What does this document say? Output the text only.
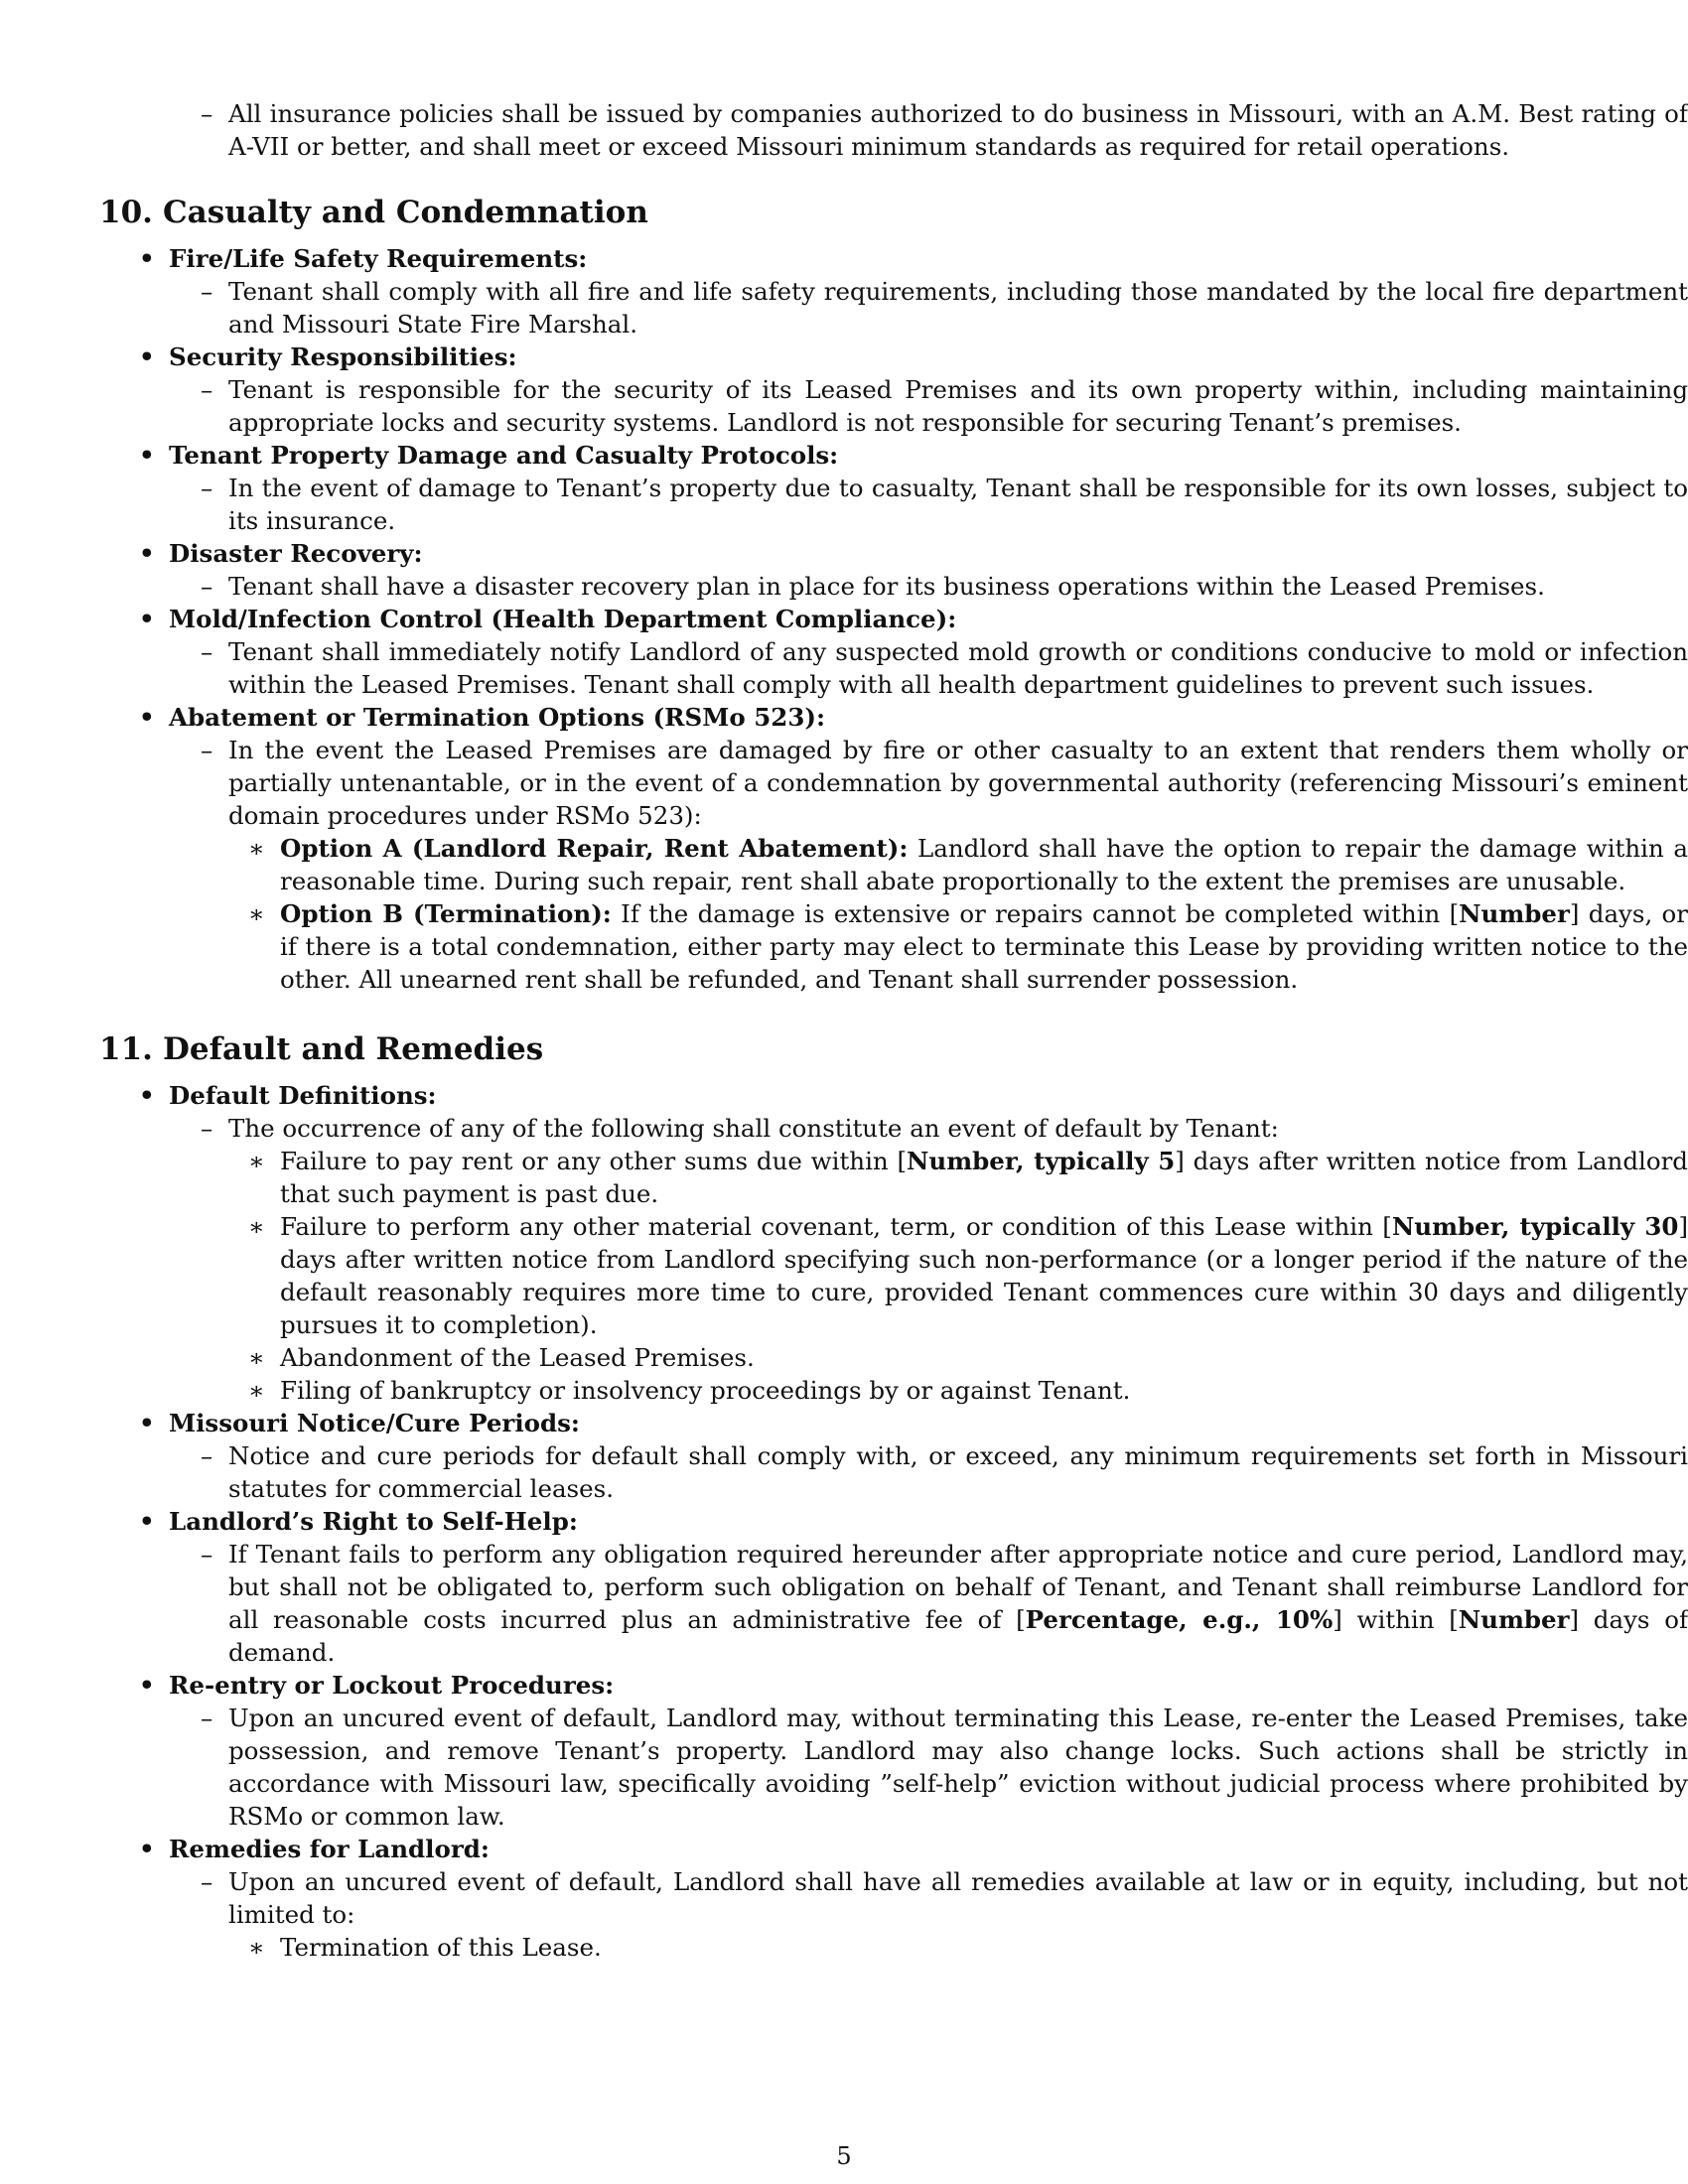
– All insurance policies shall be issued by companies authorized to do business in Missouri, with an A.M. Best rating of A-VII or better, and shall meet or exceed Missouri minimum standards as required for retail operations.
10. Casualty and Condemnation
• Fire/Life Safety Requirements:
– Tenant shall comply with all fire and life safety requirements, including those mandated by the local fire department and Missouri State Fire Marshal.
• Security Responsibilities:
– Tenant is responsible for the security of its Leased Premises and its own property within, including maintaining appropriate locks and security systems. Landlord is not responsible for securing Tenant’s premises.
• Tenant Property Damage and Casualty Protocols:
– In the event of damage to Tenant’s property due to casualty, Tenant shall be responsible for its own losses, subject to its insurance.
• Disaster Recovery:
– Tenant shall have a disaster recovery plan in place for its business operations within the Leased Premises.
• Mold/Infection Control (Health Department Compliance):
– Tenant shall immediately notify Landlord of any suspected mold growth or conditions conducive to mold or infection within the Leased Premises. Tenant shall comply with all health department guidelines to prevent such issues.
• Abatement or Termination Options (RSMo 523):
– In the event the Leased Premises are damaged by fire or other casualty to an extent that renders them wholly or partially untenantable, or in the event of a condemnation by governmental authority (referencing Missouri’s eminent domain procedures under RSMo 523):
∗ Option A (Landlord Repair, Rent Abatement): Landlord shall have the option to repair the damage within a reasonable time. During such repair, rent shall abate proportionally to the extent the premises are unusable.
∗ Option B (Termination): If the damage is extensive or repairs cannot be completed within [Number] days, or if there is a total condemnation, either party may elect to terminate this Lease by providing written notice to the other. All unearned rent shall be refunded, and Tenant shall surrender possession.
11. Default and Remedies
• Default Definitions:
– The occurrence of any of the following shall constitute an event of default by Tenant:
∗ Failure to pay rent or any other sums due within [Number, typically 5] days after written notice from Landlord that such payment is past due.
∗ Failure to perform any other material covenant, term, or condition of this Lease within [Number, typically 30] days after written notice from Landlord specifying such non-performance (or a longer period if the nature of the default reasonably requires more time to cure, provided Tenant commences cure within 30 days and diligently pursues it to completion).
∗ Abandonment of the Leased Premises.
∗ Filing of bankruptcy or insolvency proceedings by or against Tenant.
• Missouri Notice/Cure Periods:
– Notice and cure periods for default shall comply with, or exceed, any minimum requirements set forth in Missouri statutes for commercial leases.
• Landlord’s Right to Self-Help:
– If Tenant fails to perform any obligation required hereunder after appropriate notice and cure period, Landlord may, but shall not be obligated to, perform such obligation on behalf of Tenant, and Tenant shall reimburse Landlord for all reasonable costs incurred plus an administrative fee of [Percentage, e.g., 10%] within [Number] days of demand.
• Re-entry or Lockout Procedures:
– Upon an uncured event of default, Landlord may, without terminating this Lease, re-enter the Leased Premises, take possession, and remove Tenant’s property. Landlord may also change locks. Such actions shall be strictly in accordance with Missouri law, specifically avoiding ”self-help” eviction without judicial process where prohibited by RSMo or common law.
• Remedies for Landlord:
– Upon an uncured event of default, Landlord shall have all remedies available at law or in equity, including, but not limited to:
∗ Termination of this Lease.
5
